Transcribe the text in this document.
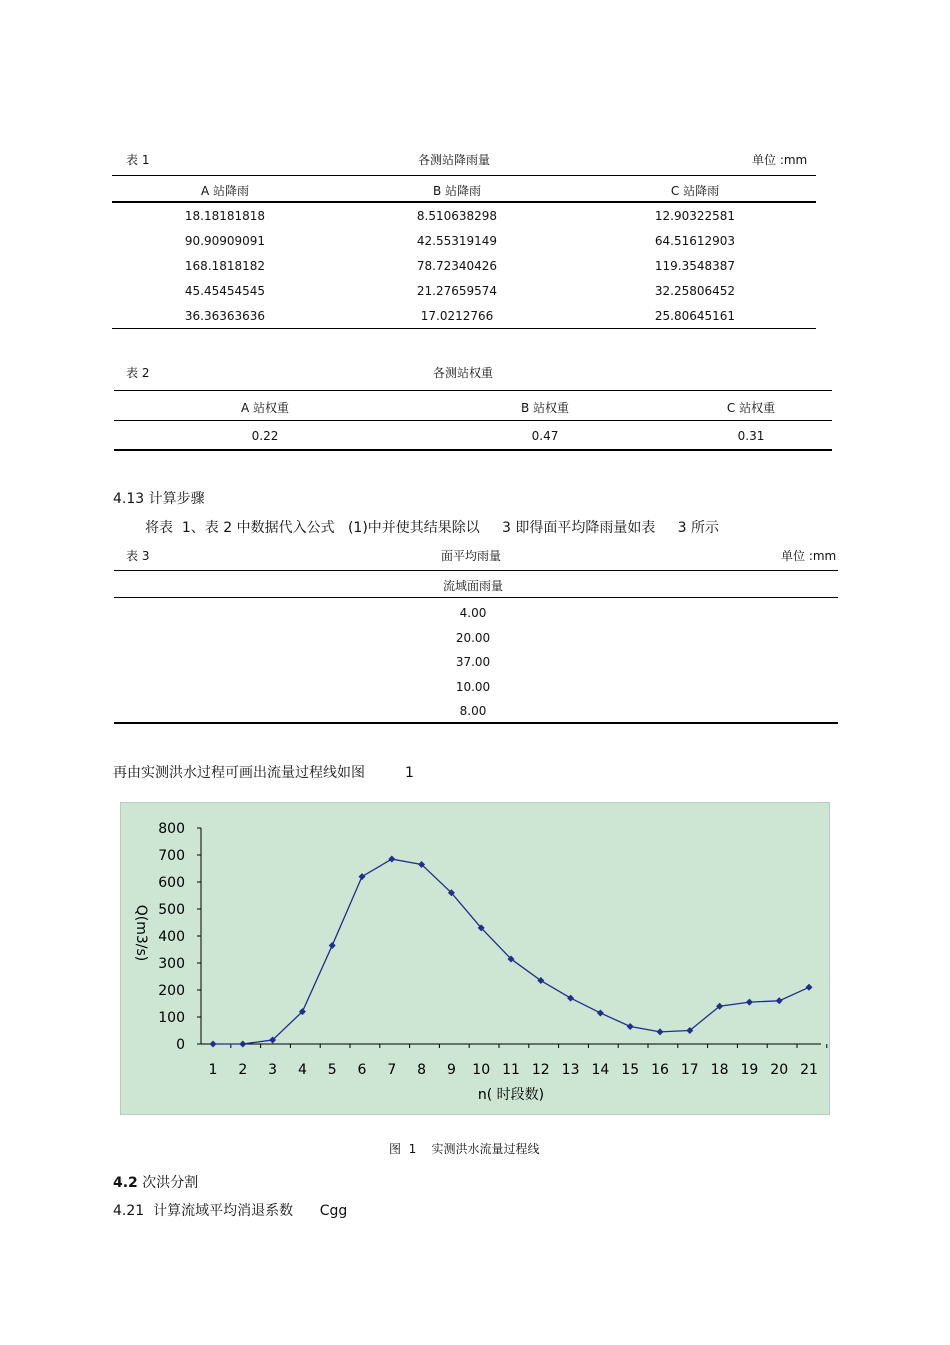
表 1	各测站降雨量	单位 :mm
A 站降雨	B 站降雨	C 站降雨
18.18181818	8.510638298	12.90322581
90.90909091	42.55319149	64.51612903
168.1818182	78.72340426	119.3548387
45.45454545	21.27659574	32.25806452
36.36363636	17.0212766	25.80645161
表 2	各测站权重
A 站权重	B 站权重	C 站权重
0.22	0.47	0.31
4.13 计算步骤
将表  1、表 2 中数据代入公式   (1)中并使其结果除以     3 即得面平均降雨量如表     3 所示
表 3	面平均雨量	单位 :mm
流域面雨量
4.00
20.00
37.00
10.00
8.00
再由实测洪水过程可画出流量过程线如图         1
0
100
200
300
400
500
600
700
800
1 2 3 4 5 6 7 8 9 10 11 12 13 14 15 16 17 18 19 20 21
n( 时段数)
Q(m3/s)
图  1    实测洪水流量过程线
4.2 次洪分割
4.21  计算流域平均消退系数      Cgg
